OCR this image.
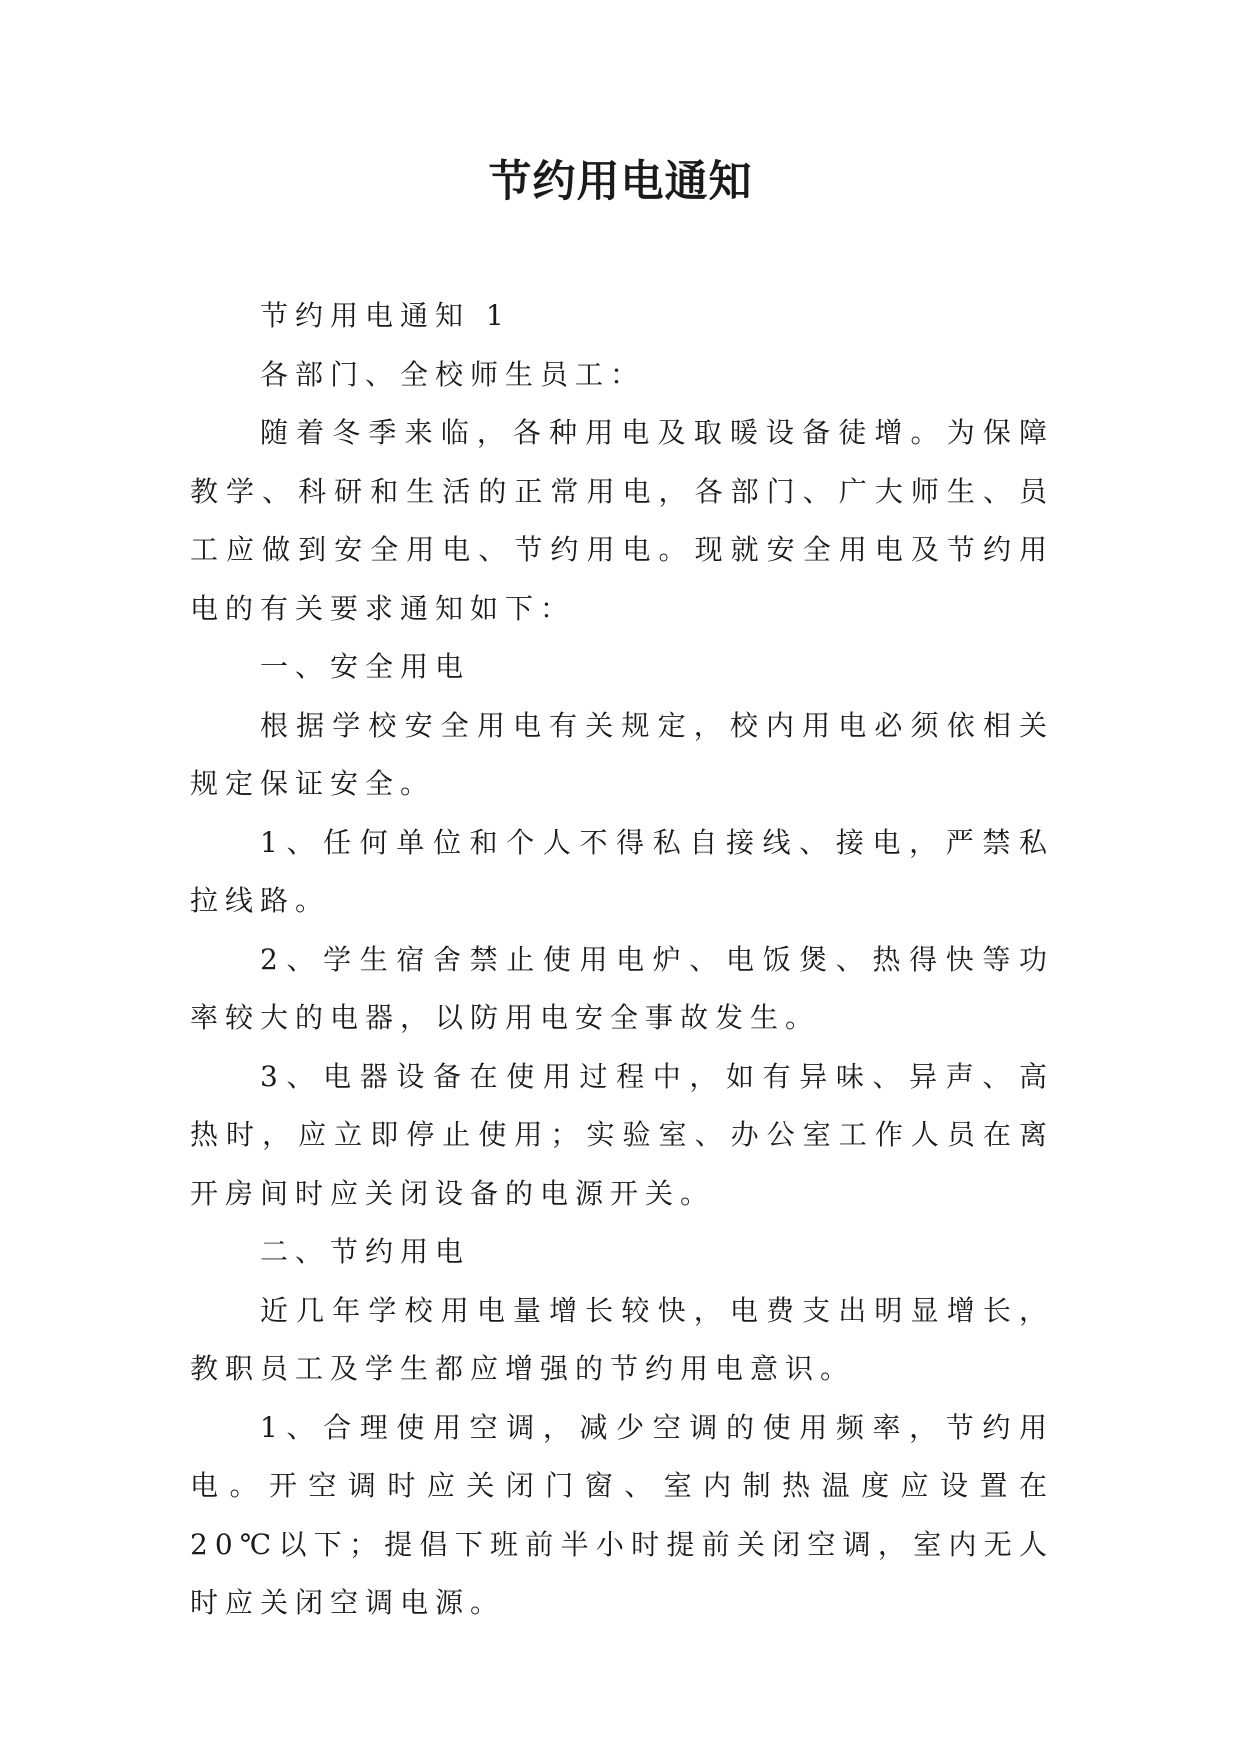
节约用电通知

节约用电通知 1

各部门、全校师生员工：

随着冬季来临，各种用电及取暖设备徒增。为保障教学、科研和生活的正常用电，各部门、广大师生、员工应做到安全用电、节约用电。现就安全用电及节约用电的有关要求通知如下：

一、安全用电

根据学校安全用电有关规定，校内用电必须依相关规定保证安全。

1、任何单位和个人不得私自接线、接电，严禁私拉线路。

2、学生宿舍禁止使用电炉、电饭煲、热得快等功率较大的电器，以防用电安全事故发生。

3、电器设备在使用过程中，如有异味、异声、高热时，应立即停止使用；实验室、办公室工作人员在离开房间时应关闭设备的电源开关。

二、节约用电

近几年学校用电量增长较快，电费支出明显增长，教职员工及学生都应增强的节约用电意识。

1、合理使用空调，减少空调的使用频率，节约用电。开空调时应关闭门窗、室内制热温度应设置在 20℃以下；提倡下班前半小时提前关闭空调，室内无人时应关闭空调电源。
